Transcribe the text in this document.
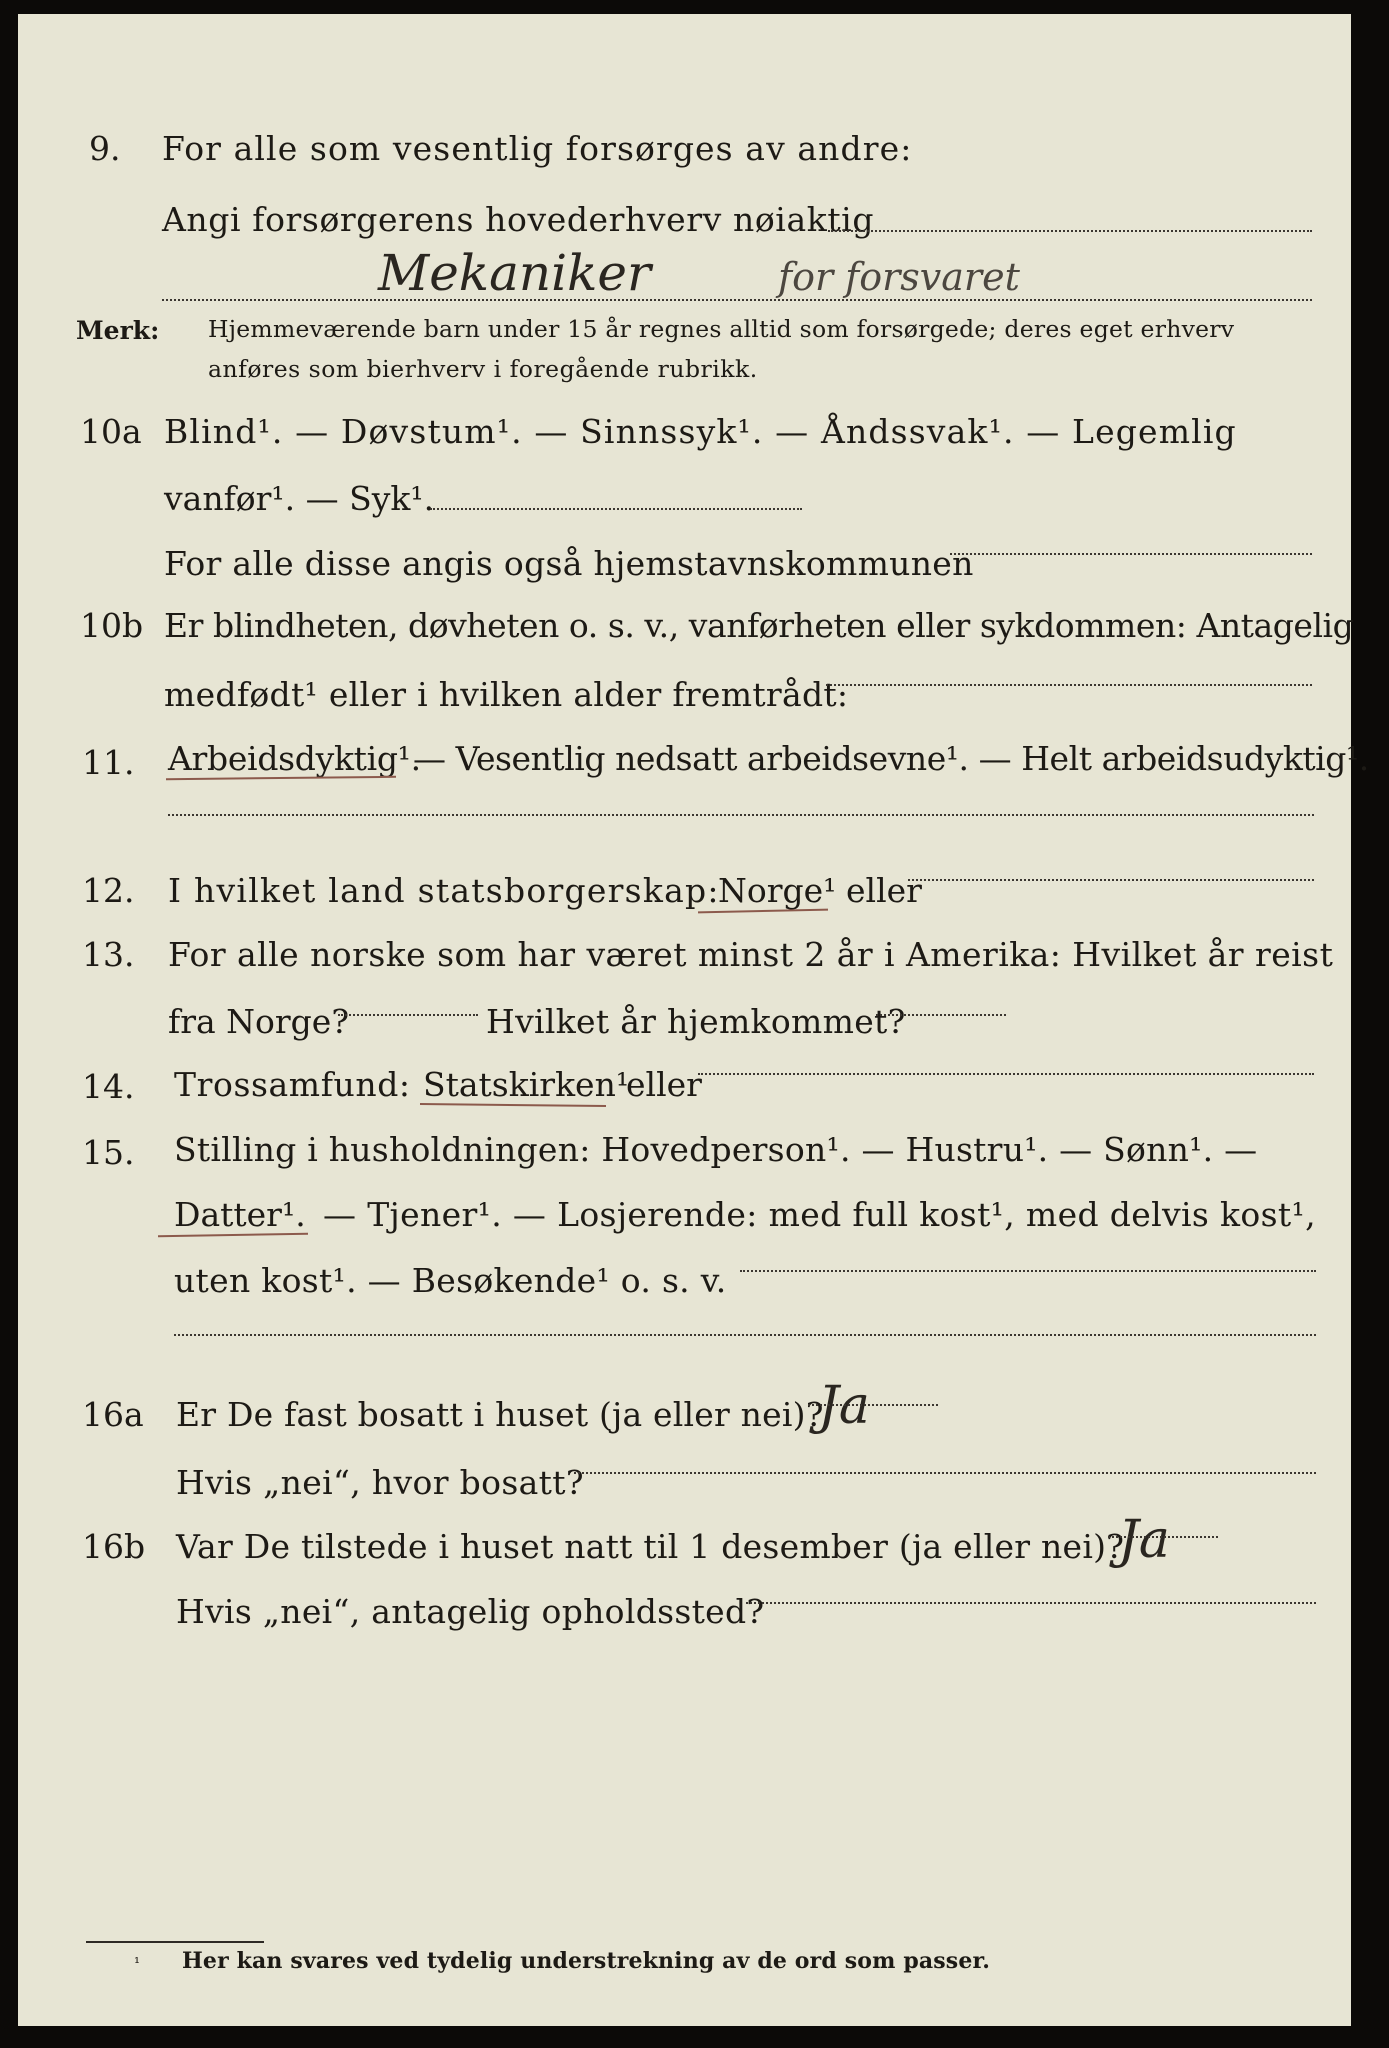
9. For alle som vesentlig forsørges av andre:
Angi forsørgerens hovederhverv nøiaktig
Mekaniker	for forsvaret
Merk: Hjemmeværende barn under 15 år regnes alltid som forsørgede; deres eget erhverv
anføres som bierhverv i foregående rubrikk.
10a Blind¹. — Døvstum¹. — Sinnssyk¹. — Åndssvak¹. — Legemlig
vanfør¹. — Syk¹.
For alle disse angis også hjemstavnskommunen
10b Er blindheten, døvheten o. s. v., vanførheten eller sykdommen: Antagelig
medfødt¹ eller i hvilken alder fremtrådt:
11. Arbeidsdyktig¹.
— Vesentlig nedsatt arbeidsevne¹. — Helt arbeidsudyktig¹.
12. I hvilket land statsborgerskap:
Norge¹ eller
13. For alle norske som har været minst 2 år i Amerika: Hvilket år reist
fra Norge?	Hvilket år hjemkommet?
14. Trossamfund: Statskirken¹
eller
15. Stilling i husholdningen: Hovedperson¹. — Hustru¹. — Sønn¹. —
Datter¹. — Tjener¹. — Losjerende: med full kost¹, med delvis kost¹,
uten kost¹. — Besøkende¹ o. s. v.
16a Er De fast bosatt i huset (ja eller nei)?
Ja
Hvis „nei“, hvor bosatt?
16b Var De tilstede i huset natt til 1 desember (ja eller nei)?
Ja
Hvis „nei“, antagelig opholdssted?
¹ Her kan svares ved tydelig understrekning av de ord som passer.
